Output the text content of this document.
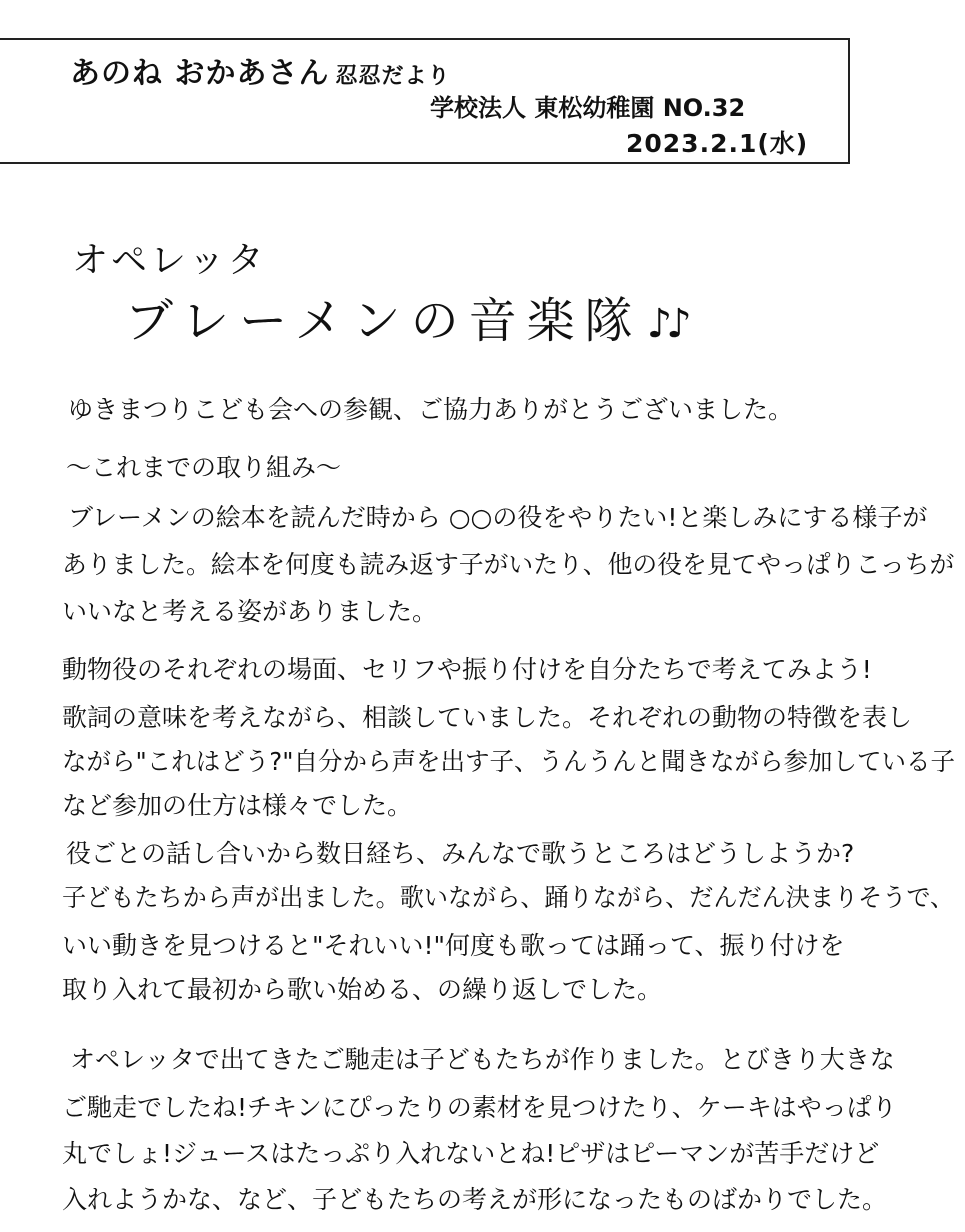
あのね おかあさん 忍忍だより
学校法人 東松幼稚園 NO.32
2023.2.1(水)
オペレッタ
ブレーメンの音楽隊 ♪♪
ゆきまつりこども会への参観、ご協力ありがとうございました。
〜これまでの取り組み〜
ブレーメンの絵本を読んだ時から ○○の役をやりたい!と楽しみにする様子が
ありました。絵本を何度も読み返す子がいたり、他の役を見てやっぱりこっちが
いいなと考える姿がありました。
動物役のそれぞれの場面、セリフや振り付けを自分たちで考えてみよう!
歌詞の意味を考えながら、相談していました。それぞれの動物の特徴を表し
ながら"これはどう?"自分から声を出す子、うんうんと聞きながら参加している子
など参加の仕方は様々でした。
役ごとの話し合いから数日経ち、みんなで歌うところはどうしようか?
子どもたちから声が出ました。歌いながら、踊りながら、だんだん決まりそうで、
いい動きを見つけると"それいい!"何度も歌っては踊って、振り付けを
取り入れて最初から歌い始める、の繰り返しでした。
オペレッタで出てきたご馳走は子どもたちが作りました。とびきり大きな
ご馳走でしたね!チキンにぴったりの素材を見つけたり、ケーキはやっぱり
丸でしょ!ジュースはたっぷり入れないとね!ピザはピーマンが苦手だけど
入れようかな、など、子どもたちの考えが形になったものばかりでした。
